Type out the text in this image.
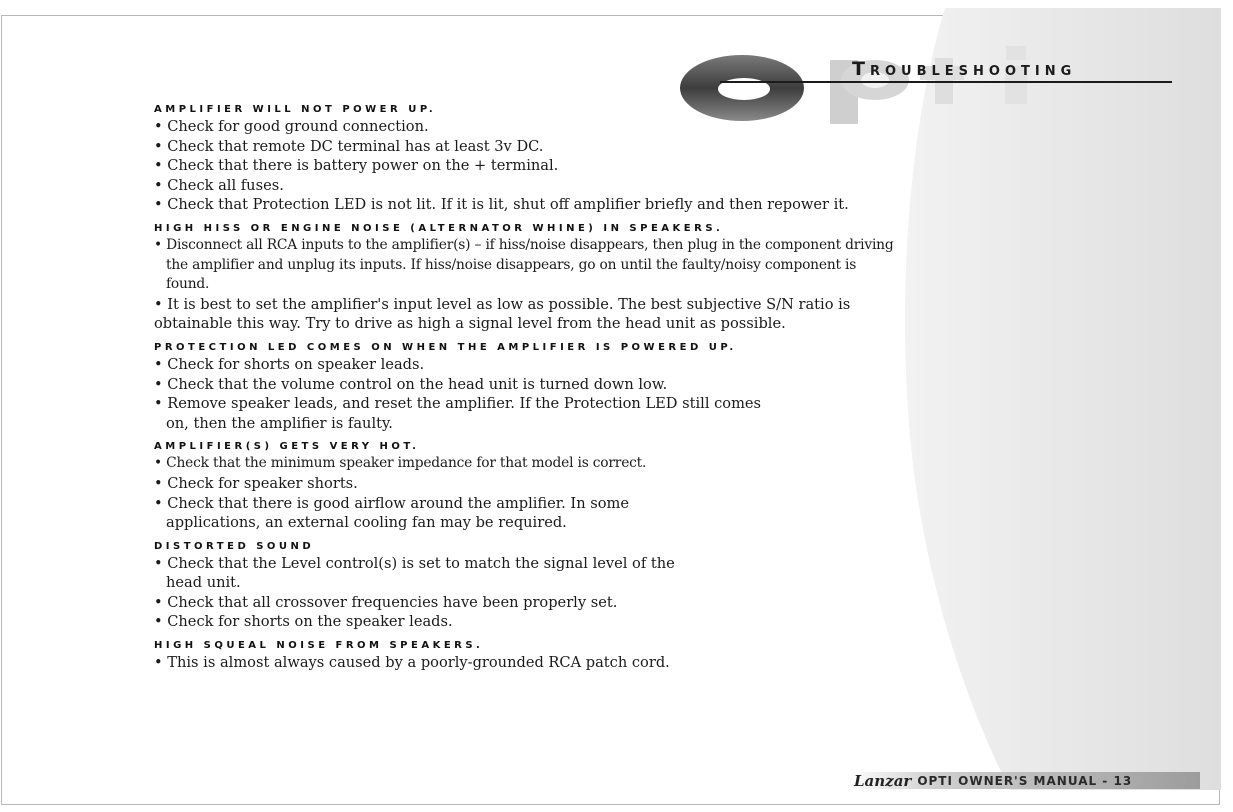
Troubleshooting
AMPLIFIER WILL NOT POWER UP.
• Check for good ground connection.
• Check that remote DC terminal has at least 3v DC.
• Check that there is battery power on the + terminal.
• Check all fuses.
• Check that Protection LED is not lit. If it is lit, shut off amplifier briefly and then repower it.
HIGH HISS OR ENGINE NOISE (ALTERNATOR WHINE) IN SPEAKERS.
• Disconnect all RCA inputs to the amplifier(s) – if hiss/noise disappears, then plug in the component driving the amplifier and unplug its inputs. If hiss/noise disappears, go on until the faulty/noisy component is found.
• It is best to set the amplifier's input level as low as possible. The best subjective S/N ratio is obtainable this way. Try to drive as high a signal level from the head unit as possible.
PROTECTION LED COMES ON WHEN THE AMPLIFIER IS POWERED UP.
• Check for shorts on speaker leads.
• Check that the volume control on the head unit is turned down low.
• Remove speaker leads, and reset the amplifier. If the Protection LED still comes on, then the amplifier is faulty.
AMPLIFIER(S) GETS VERY HOT.
• Check that the minimum speaker impedance for that model is correct.
• Check for speaker shorts.
• Check that there is good airflow around the amplifier. In some applications, an external cooling fan may be required.
DISTORTED SOUND
• Check that the Level control(s) is set to match the signal level of the head unit.
• Check that all crossover frequencies have been properly set.
• Check for shorts on the speaker leads.
HIGH SQUEAL NOISE FROM SPEAKERS.
• This is almost always caused by a poorly-grounded RCA patch cord.
Lanzar OPTI OWNER'S MANUAL - 13
